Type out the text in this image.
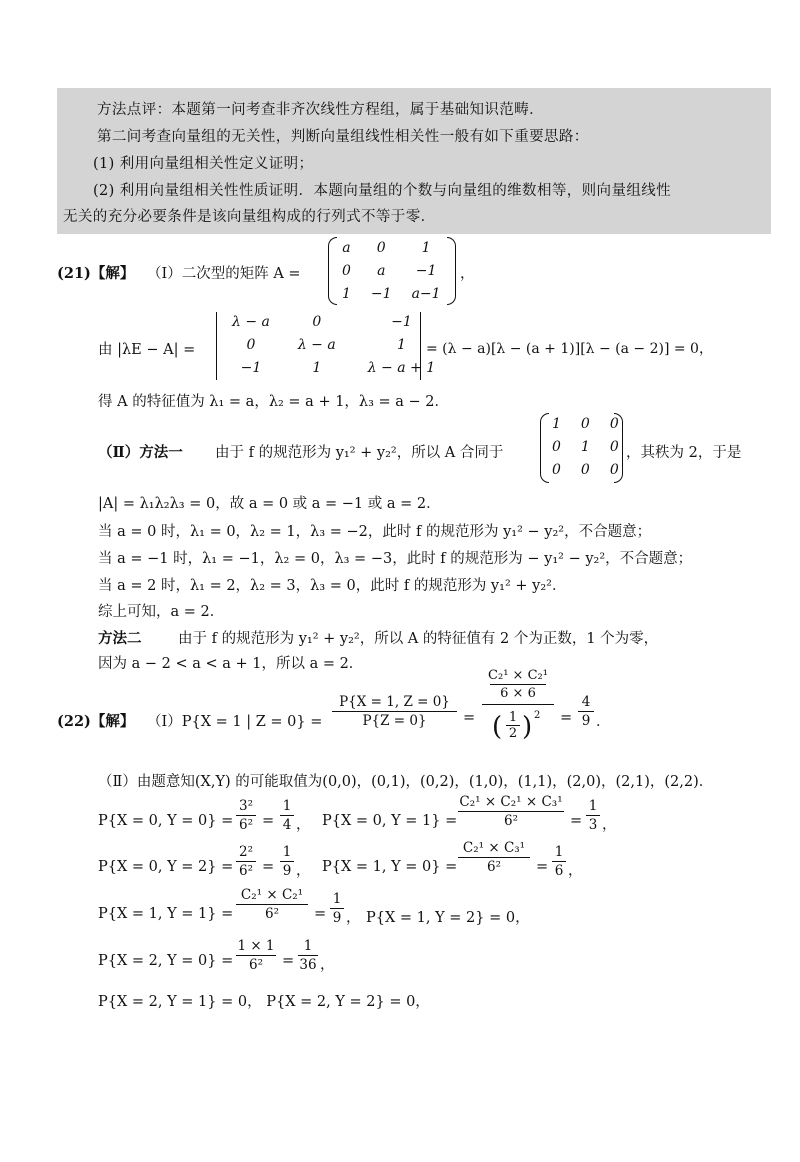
方法点评：本题第一问考查非齐次线性方程组，属于基础知识范畴．
第二问考查向量组的无关性，判断向量组线性相关性一般有如下重要思路：
(1) 利用向量组相关性定义证明；
(2) 利用向量组相关性性质证明．本题向量组的个数与向量组的维数相等，则向量组线性
无关的充分必要条件是该向量组构成的行列式不等于零．
(21)【解】 （Ⅰ）二次型的矩阵 A =
a	0	1
0	a	−1
1	−1	a−1
，
由 |λE − A| =
λ − a	0	−1
0	λ − a	1
−1	1	λ − a + 1
= (λ − a)[λ − (a + 1)][λ − (a − 2)] = 0，
得 A 的特征值为 λ₁ = a，λ₂ = a + 1，λ₃ = a − 2．
（Ⅱ）方法一 由于 f 的规范形为 y₁² + y₂²，所以 A 合同于
1	0	0
0	1	0
0	0	0
，其秩为 2，于是
|A| = λ₁λ₂λ₃ = 0，故 a = 0 或 a = −1 或 a = 2．
当 a = 0 时，λ₁ = 0，λ₂ = 1，λ₃ = −2，此时 f 的规范形为 y₁² − y₂²，不合题意；
当 a = −1 时，λ₁ = −1，λ₂ = 0，λ₃ = −3，此时 f 的规范形为 − y₁² − y₂²，不合题意；
当 a = 2 时，λ₁ = 2，λ₂ = 3，λ₃ = 0，此时 f 的规范形为 y₁² + y₂²．
综上可知，a = 2．
方法二	由于 f 的规范形为 y₁² + y₂²，所以 A 的特征值有 2 个为正数，1 个为零，
因为 a − 2 < a < a + 1，所以 a = 2．
(22)【解】 （Ⅰ）P{X = 1 | Z = 0} =
P{X = 1, Z = 0}
P{Z = 0}	=
C₂¹ × C₂¹
6 × 6
( 1
2 ) 2 =
4
9 ．
（Ⅱ）由题意知(X,Y) 的可能取值为(0,0)，(0,1)，(0,2)，(1,0)，(1,1)，(2,0)，(2,1)，(2,2)．
P{X = 0, Y = 0} =
3²
6² =
1
4 ， P{X = 0, Y = 1} =
C₂¹ × C₂¹ × C₃¹
6²	=
1
3 ，
P{X = 0, Y = 2} =
2²
6² =
1
9 ， P{X = 1, Y = 0} =
C₂¹ × C₃¹
6²	=
1
6 ，
P{X = 1, Y = 1} =
C₂¹ × C₂¹
6²	=
1
9 ， P{X = 1, Y = 2} = 0，
P{X = 2, Y = 0} =
1 × 1
6²	=
1
36 ，
P{X = 2, Y = 1} = 0， P{X = 2, Y = 2} = 0，
